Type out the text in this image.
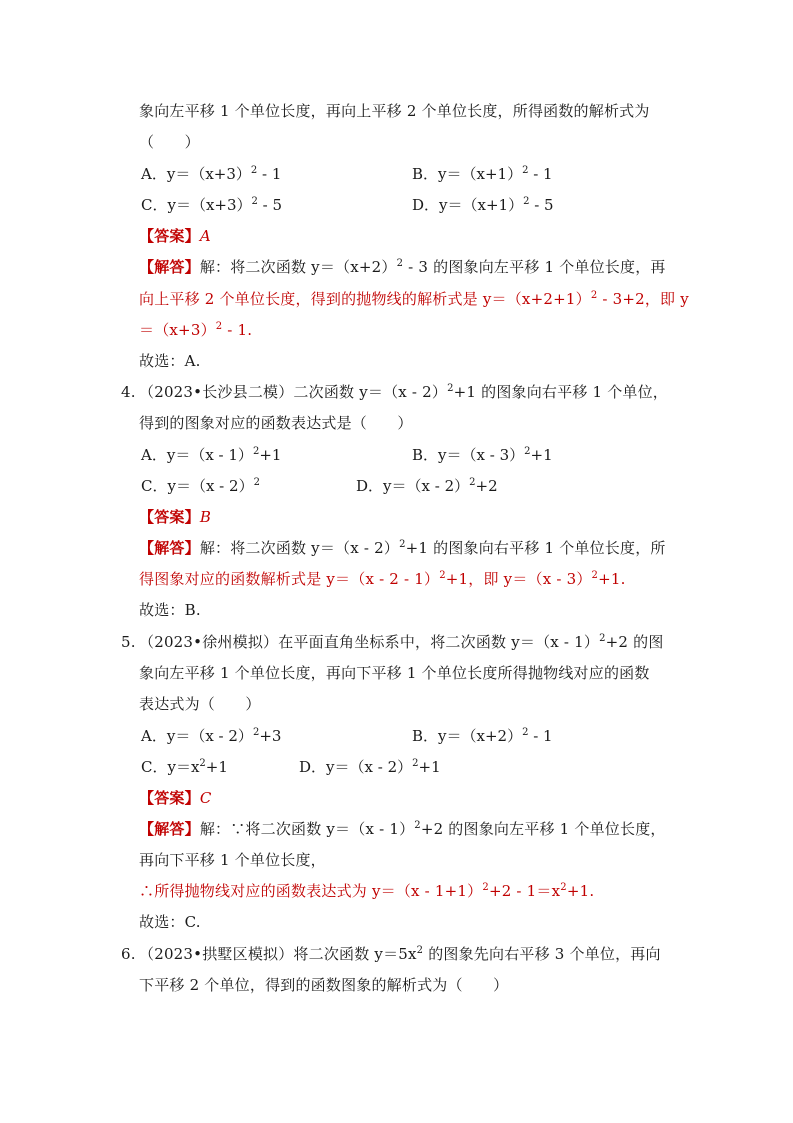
象向左平移 1 个单位长度，再向上平移 2 个单位长度，所得函数的解析式为
（　　）
A．$y=(x+3)^2 - 1$	B．$y=(x+1)^2 - 1$
C．$y=(x+3)^2 - 5$	D．$y=(x+1)^2 - 5$
【答案】A
【解答】解：将二次函数 $y=(x+2)^2 - 3$ 的图象向左平移 1 个单位长度，再
向上平移 2 个单位长度，得到的抛物线的解析式是 $y=(x+2+1)^2 - 3+2$，即 y
$=(x+3)^2 - 1$.
故选：A.
4. （2023•长沙县二模）二次函数 y＝（x - 2）$^2$+1 的图象向右平移 1 个单位，
得到的图象对应的函数表达式是（　　）
A．y＝（x - 1）$^2$+1	B．y＝（x - 3）$^2$+1
C．y＝（x - 2）$^2$	D．y＝（x - 2）$^2$+2
【答案】B
【解答】解：将二次函数 y＝（x - 2）$^2$+1 的图象向右平移 1 个单位长度，所
得图象对应的函数解析式是 y＝（x - 2 - 1）$^2$+1，即 y＝（x - 3）$^2$+1.
故选：B.
5. （2023•徐州模拟）在平面直角坐标系中，将二次函数 y＝（x - 1）$^2$+2 的图
象向左平移 1 个单位长度，再向下平移 1 个单位长度所得抛物线对应的函数
表达式为（　　）
A．y＝（x - 2）$^2$+3	B．$y=(x+2)^2 - 1$
C．$y=x^2+1$	D．y＝（x - 2）$^2$+1
【答案】C
【解答】解：∵将二次函数 y＝（x - 1）$^2$+2 的图象向左平移 1 个单位长度，
再向下平移 1 个单位长度，
∴所得抛物线对应的函数表达式为 $y=(x - 1+1)^2+2 - 1=x^2+1$.
故选：C.
6. （2023•拱墅区模拟）将二次函数 $y=5x^2$ 的图象先向右平移 3 个单位，再向
下平移 2 个单位，得到的函数图象的解析式为（　　）
